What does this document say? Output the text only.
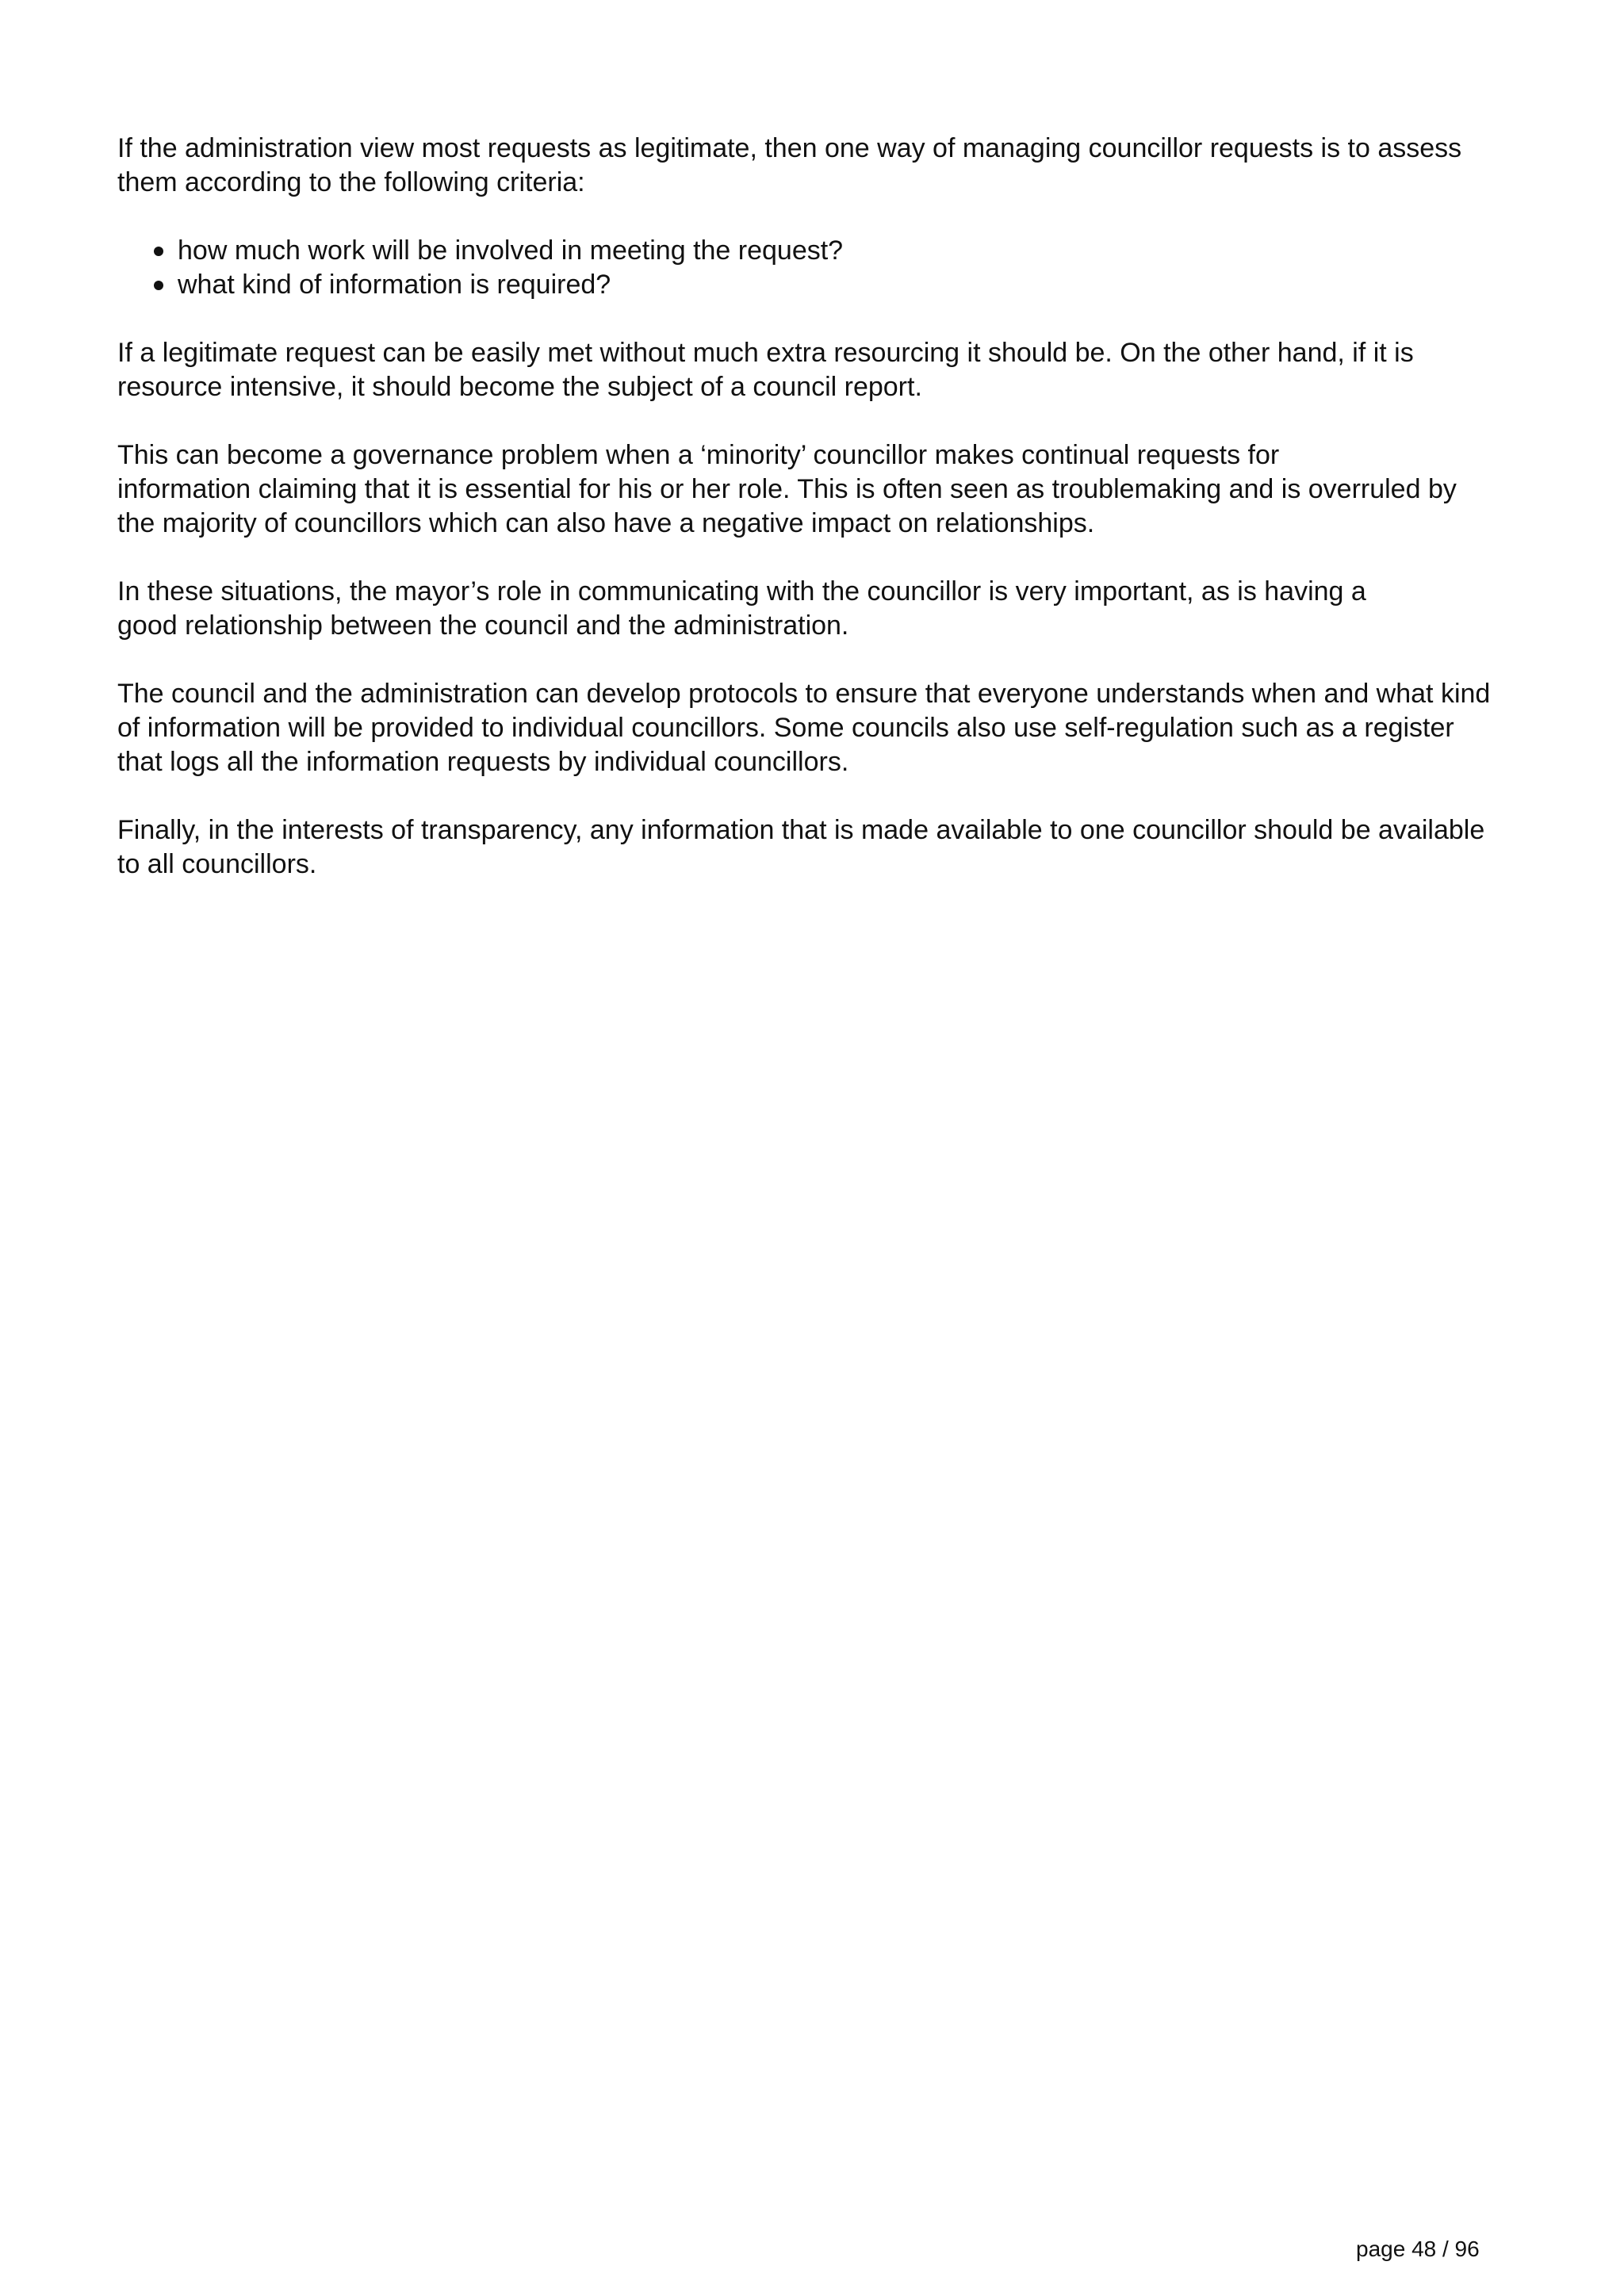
If the administration view most requests as legitimate, then one way of managing councillor requests is to assess
them according to the following criteria:

how much work will be involved in meeting the request?
what kind of information is required?

If a legitimate request can be easily met without much extra resourcing it should be. On the other hand, if it is
resource intensive, it should become the subject of a council report.

This can become a governance problem when a ‘minority’ councillor makes continual requests for
information claiming that it is essential for his or her role. This is often seen as troublemaking and is overruled by
the majority of councillors which can also have a negative impact on relationships.

In these situations, the mayor’s role in communicating with the councillor is very important, as is having a
good relationship between the council and the administration.

The council and the administration can develop protocols to ensure that everyone understands when and what kind
of information will be provided to individual councillors. Some councils also use self-regulation such as a register
that logs all the information requests by individual councillors.

Finally, in the interests of transparency, any information that is made available to one councillor should be available
to all councillors.

page 48 / 96
